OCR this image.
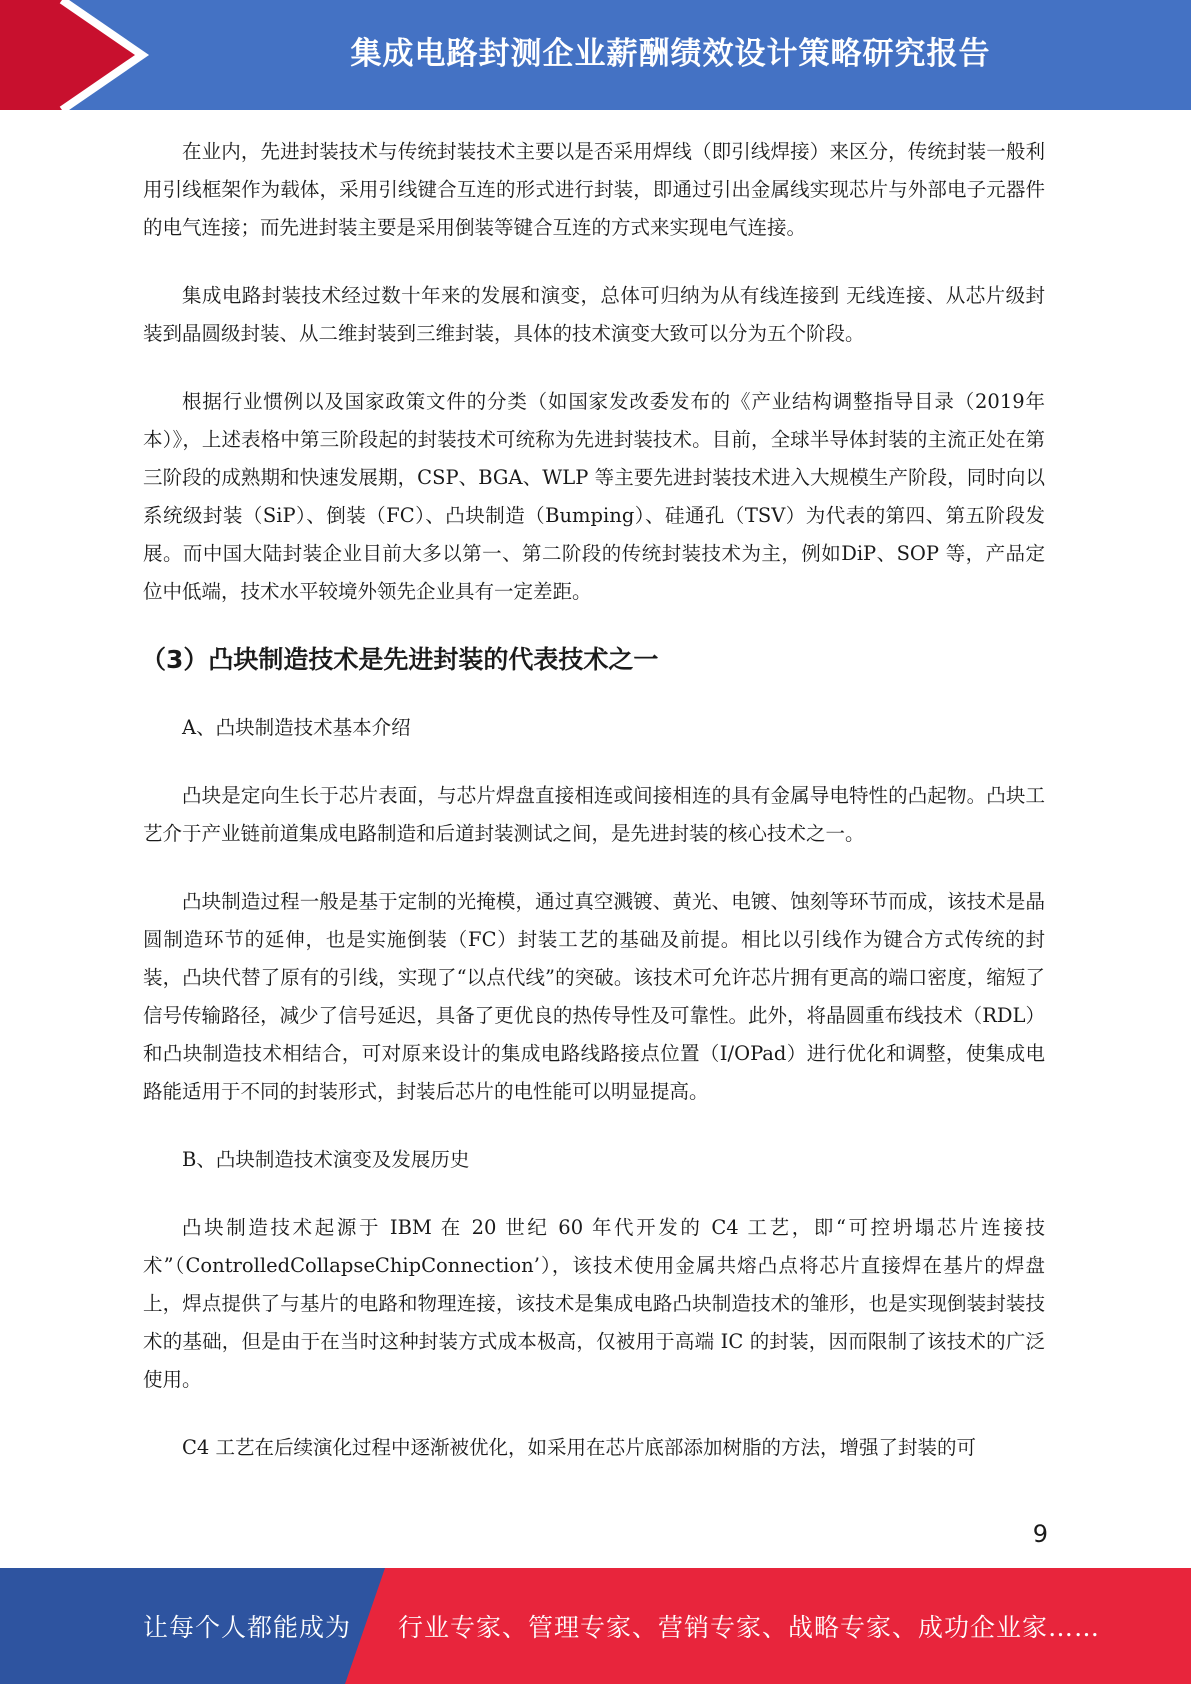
集成电路封测企业薪酬绩效设计策略研究报告

在业内，先进封装技术与传统封装技术主要以是否采用焊线（即引线焊接）来区分，传统封装一般利用引线框架作为载体，采用引线键合互连的形式进行封装，即通过引出金属线实现芯片与外部电子元器件的电气连接；而先进封装主要是采用倒装等键合互连的方式来实现电气连接。

集成电路封装技术经过数十年来的发展和演变，总体可归纳为从有线连接到 无线连接、从芯片级封装到晶圆级封装、从二维封装到三维封装，具体的技术演变大致可以分为五个阶段。

根据行业惯例以及国家政策文件的分类（如国家发改委发布的《产业结构调整指导目录（2019年本）》，上述表格中第三阶段起的封装技术可统称为先进封装技术。目前，全球半导体封装的主流正处在第三阶段的成熟期和快速发展期，CSP、BGA、WLP 等主要先进封装技术进入大规模生产阶段，同时向以系统级封装（SiP）、倒装（FC）、凸块制造（Bumping）、硅通孔（TSV）为代表的第四、第五阶段发展。而中国大陆封装企业目前大多以第一、第二阶段的传统封装技术为主，例如DiP、SOP 等，产品定位中低端，技术水平较境外领先企业具有一定差距。

（3）凸块制造技术是先进封装的代表技术之一

A、凸块制造技术基本介绍

凸块是定向生长于芯片表面，与芯片焊盘直接相连或间接相连的具有金属导电特性的凸起物。凸块工艺介于产业链前道集成电路制造和后道封装测试之间，是先进封装的核心技术之一。

凸块制造过程一般是基于定制的光掩模，通过真空溅镀、黄光、电镀、蚀刻等环节而成，该技术是晶圆制造环节的延伸，也是实施倒装（FC）封装工艺的基础及前提。相比以引线作为键合方式传统的封装，凸块代替了原有的引线，实现了“以点代线”的突破。该技术可允许芯片拥有更高的端口密度，缩短了信号传输路径，减少了信号延迟，具备了更优良的热传导性及可靠性。此外，将晶圆重布线技术（RDL）和凸块制造技术相结合，可对原来设计的集成电路线路接点位置（I/OPad）进行优化和调整，使集成电路能适用于不同的封装形式，封装后芯片的电性能可以明显提高。

B、凸块制造技术演变及发展历史

凸块制造技术起源于 IBM 在 20 世纪 60 年代开发的 C4 工艺，即“可控坍塌芯片连接技术”（ControlledCollapseChipConnection’），该技术使用金属共熔凸点将芯片直接焊在基片的焊盘上，焊点提供了与基片的电路和物理连接，该技术是集成电路凸块制造技术的雏形，也是实现倒装封装技术的基础，但是由于在当时这种封装方式成本极高，仅被用于高端 IC 的封装，因而限制了该技术的广泛使用。

C4 工艺在后续演化过程中逐渐被优化，如采用在芯片底部添加树脂的方法，增强了封装的可

9
让每个人都能成为 行业专家、管理专家、营销专家、战略专家、成功企业家……
